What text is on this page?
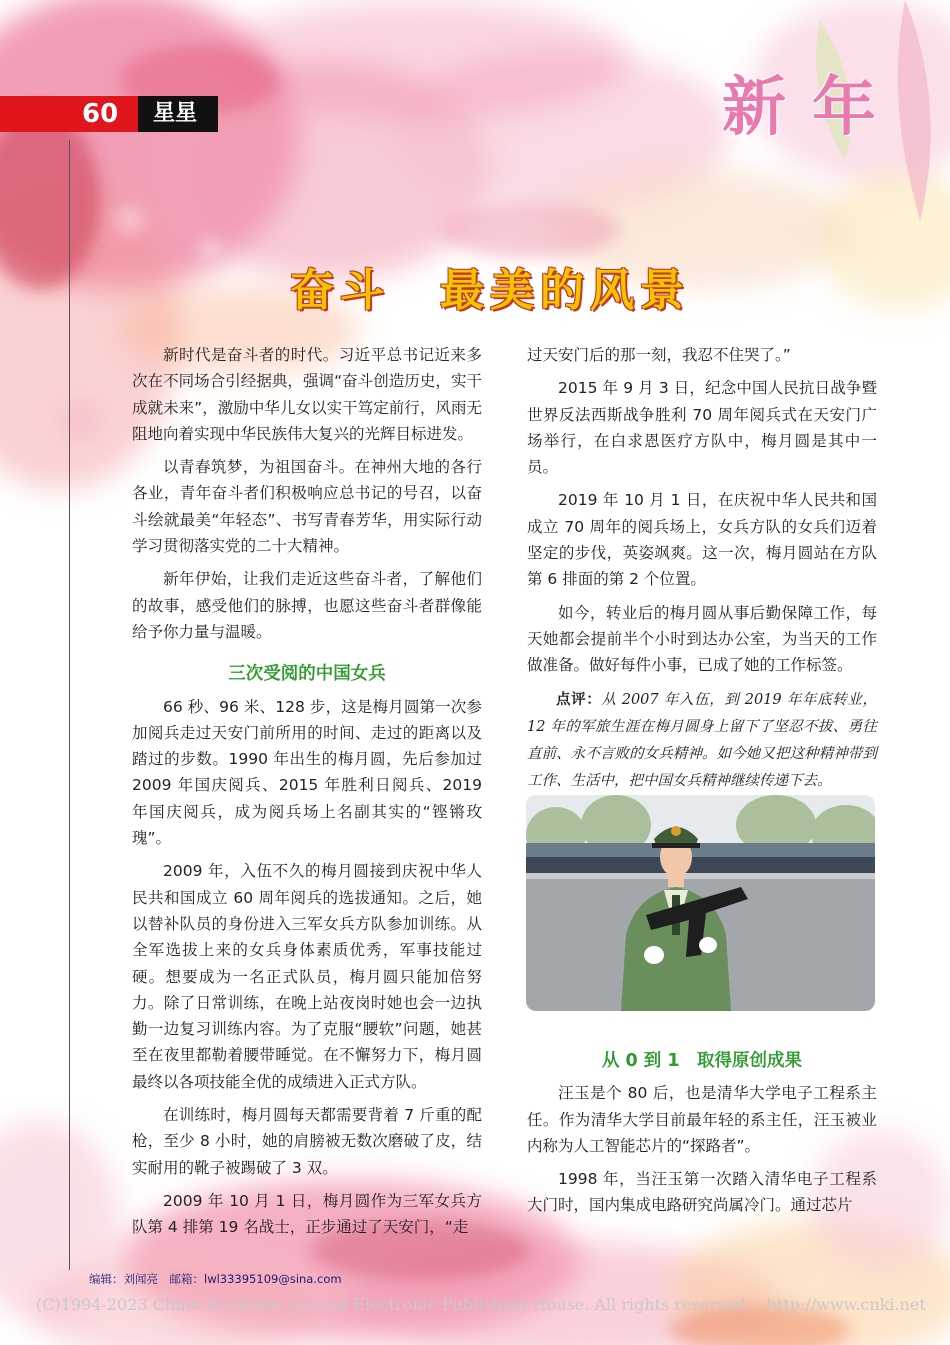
60	星星	新年
奋斗　最美的风景

新时代是奋斗者的时代。习近平总书记近来多次在不同场合引经据典，强调“奋斗创造历史，实干成就未来”，激励中华儿女以实干笃定前行，风雨无阻地向着实现中华民族伟大复兴的光辉目标进发。

以青春筑梦，为祖国奋斗。在神州大地的各行各业，青年奋斗者们积极响应总书记的号召，以奋斗绘就最美“年轻态”、书写青春芳华，用实际行动学习贯彻落实党的二十大精神。

新年伊始，让我们走近这些奋斗者，了解他们的故事，感受他们的脉搏，也愿这些奋斗者群像能给予你力量与温暖。

三次受阅的中国女兵

66 秒、96 米、128 步，这是梅月圆第一次参加阅兵走过天安门前所用的时间、走过的距离以及踏过的步数。1990 年出生的梅月圆，先后参加过 2009 年国庆阅兵、2015 年胜利日阅兵、2019 年国庆阅兵，成为阅兵场上名副其实的“铿锵玫瑰”。

2009 年，入伍不久的梅月圆接到庆祝中华人民共和国成立 60 周年阅兵的选拔通知。之后，她以替补队员的身份进入三军女兵方队参加训练。从全军选拔上来的女兵身体素质优秀，军事技能过硬。想要成为一名正式队员，梅月圆只能加倍努力。除了日常训练，在晚上站夜岗时她也会一边执勤一边复习训练内容。为了克服“腰软”问题，她甚至在夜里都勒着腰带睡觉。在不懈努力下，梅月圆最终以各项技能全优的成绩进入正式方队。

在训练时，梅月圆每天都需要背着 7 斤重的配枪，至少 8 小时，她的肩膀被无数次磨破了皮，结实耐用的靴子被踢破了 3 双。

2009 年 10 月 1 日，梅月圆作为三军女兵方队第 4 排第 19 名战士，正步通过了天安门，“走

过天安门后的那一刻，我忍不住哭了。”

2015 年 9 月 3 日，纪念中国人民抗日战争暨世界反法西斯战争胜利 70 周年阅兵式在天安门广场举行，在白求恩医疗方队中，梅月圆是其中一员。

2019 年 10 月 1 日，在庆祝中华人民共和国成立 70 周年的阅兵场上，女兵方队的女兵们迈着坚定的步伐，英姿飒爽。这一次，梅月圆站在方队第 6 排面的第 2 个位置。

如今，转业后的梅月圆从事后勤保障工作，每天她都会提前半个小时到达办公室，为当天的工作做准备。做好每件小事，已成了她的工作标签。

点评：从 2007 年入伍，到 2019 年年底转业，12 年的军旅生涯在梅月圆身上留下了坚忍不拔、勇往直前、永不言败的女兵精神。如今她又把这种精神带到工作、生活中，把中国女兵精神继续传递下去。

从 0 到 1　取得原创成果

汪玉是个 80 后，也是清华大学电子工程系主任。作为清华大学目前最年轻的系主任，汪玉被业内称为人工智能芯片的“探路者”。

1998 年，当汪玉第一次踏入清华电子工程系大门时，国内集成电路研究尚属冷门。通过芯片

编辑：刘闻亮　邮箱：lwl33395109@sina.com
(C)1994-2023 China Academic Journal Electronic Publishing House. All rights reserved.　http://www.cnki.net
